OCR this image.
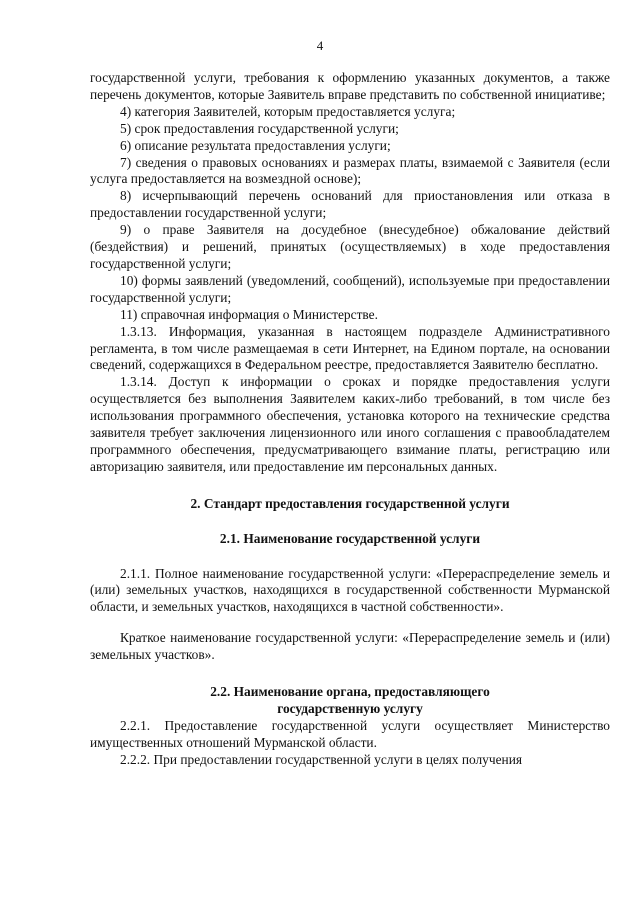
4

государственной услуги, требования к оформлению указанных документов, а также перечень документов, которые Заявитель вправе представить по собственной инициативе;

4) категория Заявителей, которым предоставляется услуга;

5) срок предоставления государственной услуги;

6) описание результата предоставления услуги;

7) сведения о правовых основаниях и размерах платы, взимаемой с Заявителя (если услуга предоставляется на возмездной основе);

8) исчерпывающий перечень оснований для приостановления или отказа в предоставлении государственной услуги;

9) о праве Заявителя на досудебное (внесудебное) обжалование действий (бездействия) и решений, принятых (осуществляемых) в ходе предоставления государственной услуги;

10) формы заявлений (уведомлений, сообщений), используемые при предоставлении государственной услуги;

11) справочная информация о Министерстве.

1.3.13. Информация, указанная в настоящем подразделе Административного регламента, в том числе размещаемая в сети Интернет, на Едином портале, на основании сведений, содержащихся в Федеральном реестре, предоставляется Заявителю бесплатно.

1.3.14. Доступ к информации о сроках и порядке предоставления услуги осуществляется без выполнения Заявителем каких-либо требований, в том числе без использования программного обеспечения, установка которого на технические средства заявителя требует заключения лицензионного или иного соглашения с правообладателем программного обеспечения, предусматривающего взимание платы, регистрацию или авторизацию заявителя, или предоставление им персональных данных.

2. Стандарт предоставления государственной услуги

2.1. Наименование государственной услуги

2.1.1. Полное наименование государственной услуги: «Перераспределение земель и (или) земельных участков, находящихся в государственной собственности Мурманской области, и земельных участков, находящихся в частной собственности».

Краткое наименование государственной услуги: «Перераспределение земель и (или) земельных участков».

2.2. Наименование органа, предоставляющего

государственную услугу

2.2.1. Предоставление государственной услуги осуществляет Министерство имущественных отношений Мурманской области.

2.2.2. При предоставлении государственной услуги в целях получения
